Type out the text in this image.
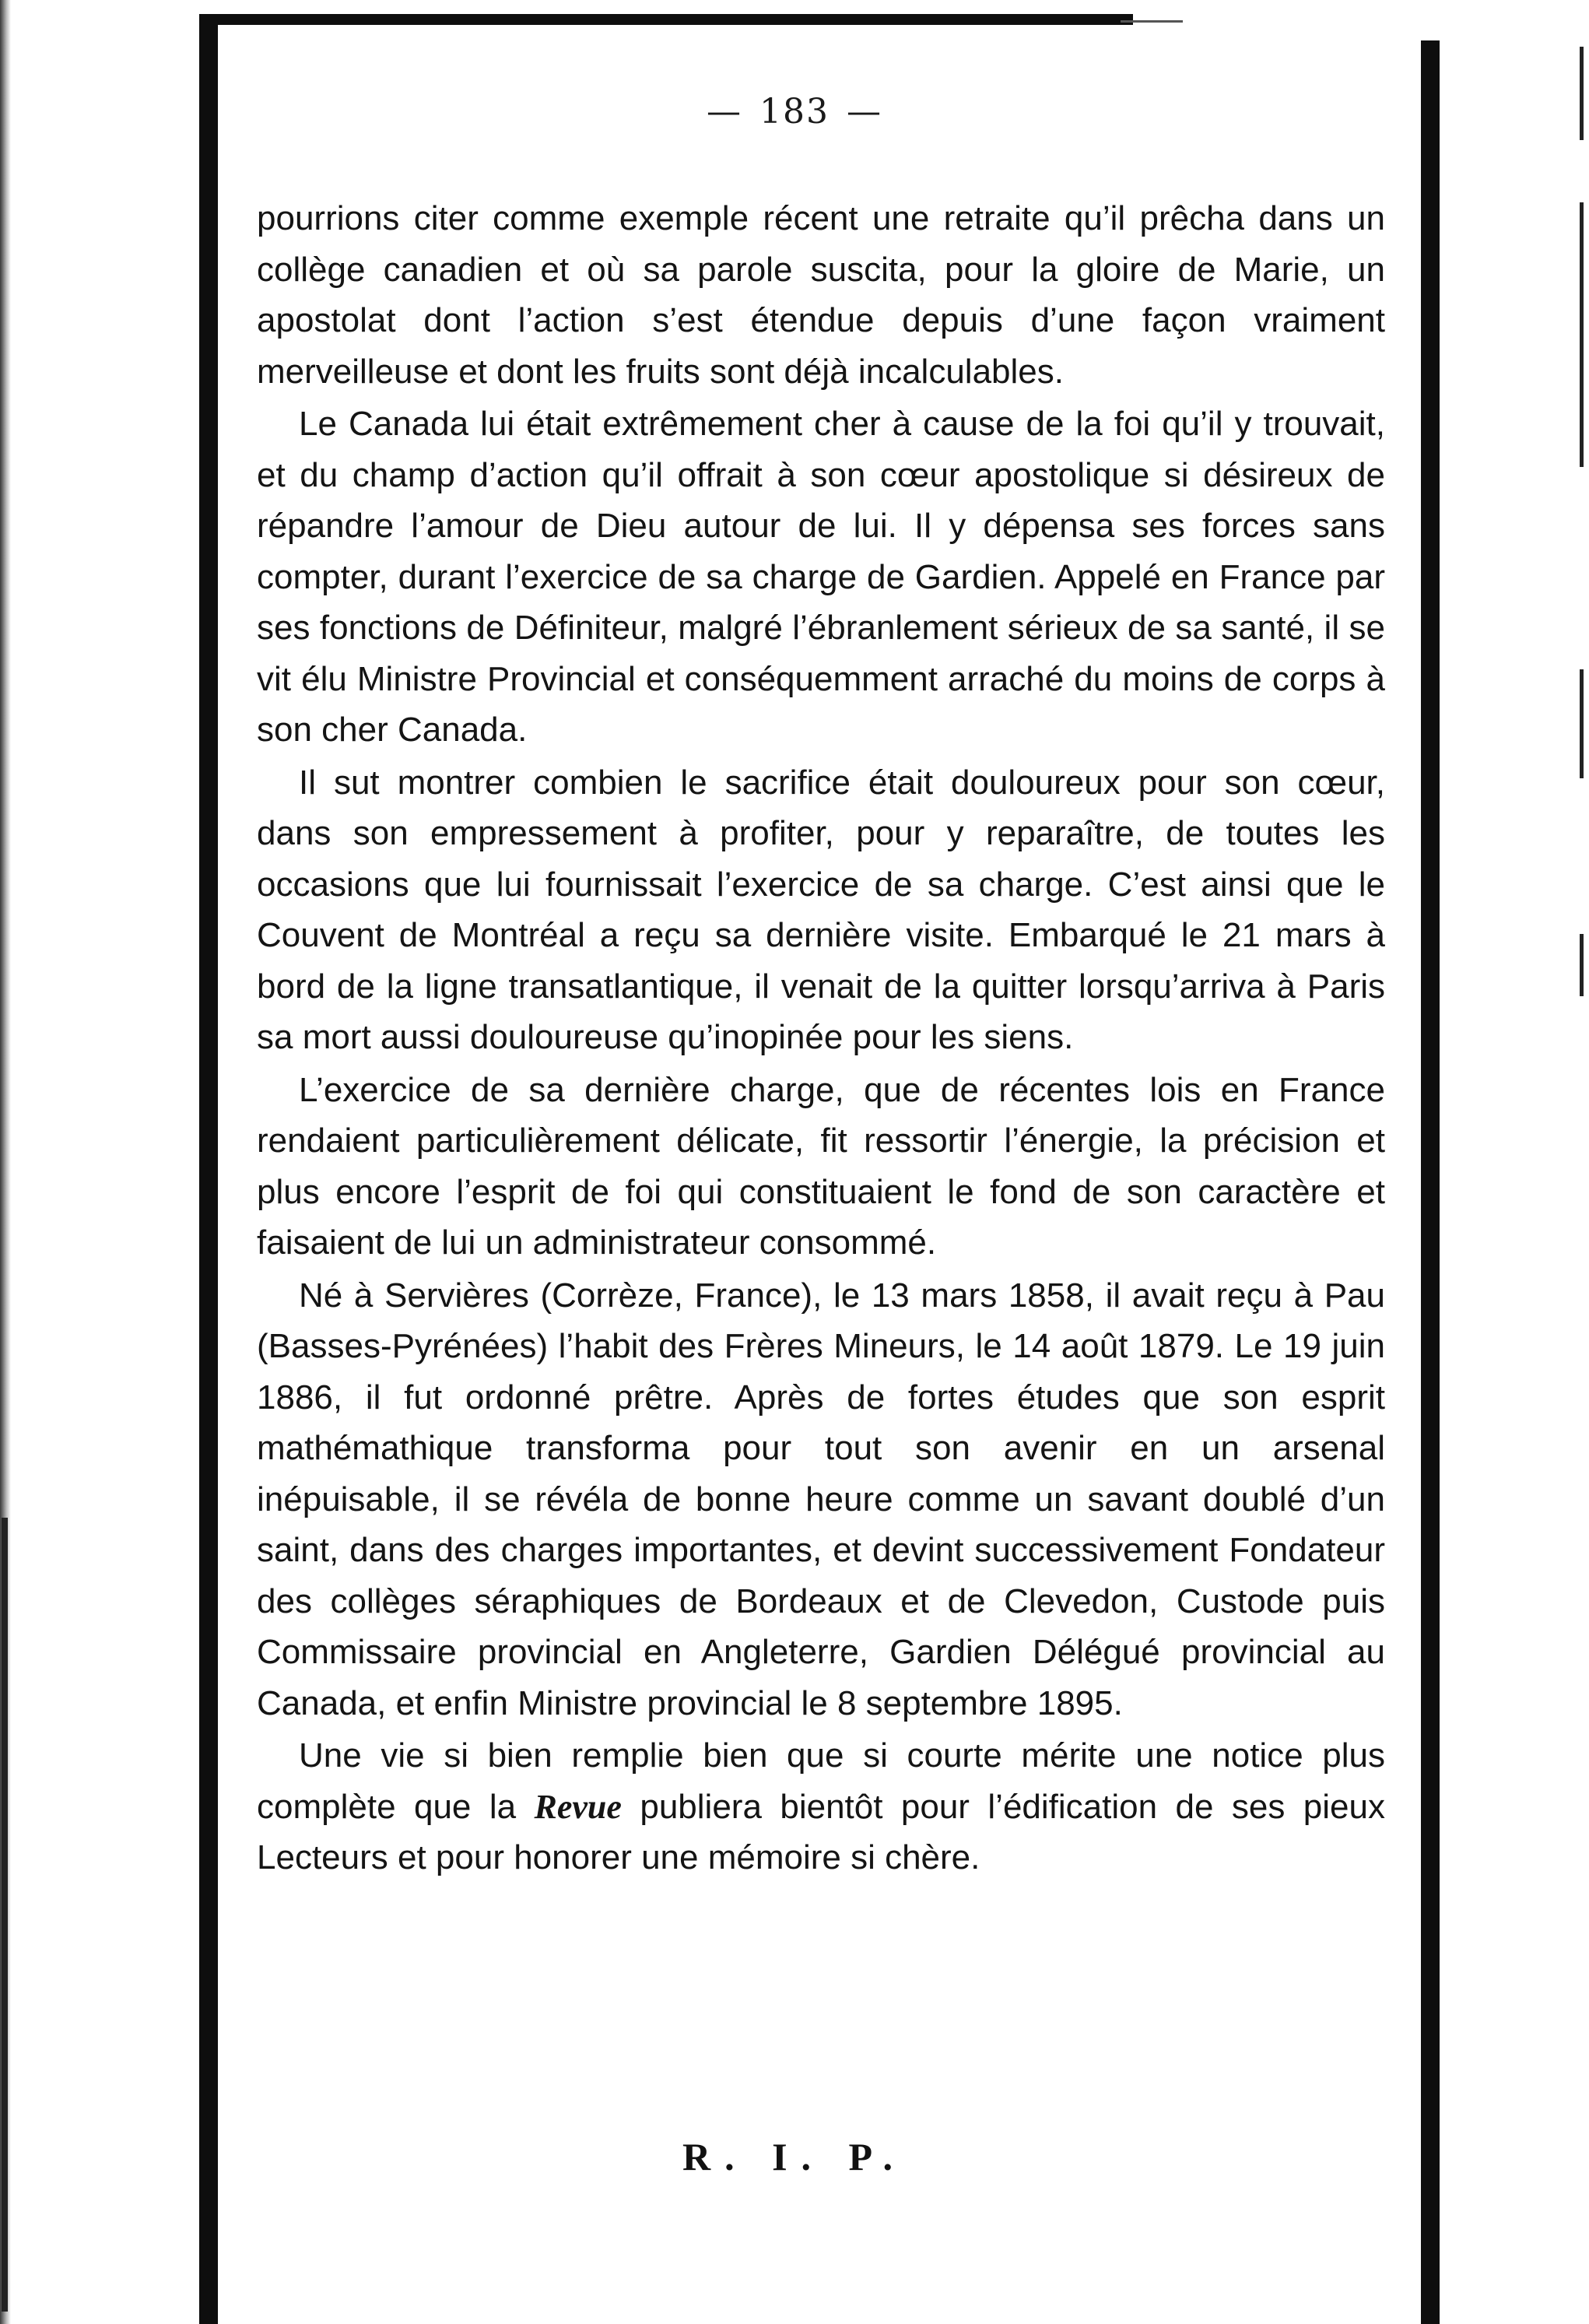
— 183 —

pourrions citer comme exemple récent une retraite qu’il prêcha dans un collège canadien et où sa parole suscita, pour la gloire de Marie, un apostolat dont l’action s’est étendue depuis d’une façon vraiment merveilleuse et dont les fruits sont déjà incalculables.

Le Canada lui était extrêmement cher à cause de la foi qu’il y trouvait, et du champ d’action qu’il offrait à son cœur apostolique si désireux de répandre l’amour de Dieu autour de lui. Il y dépensa ses forces sans compter, durant l’exercice de sa charge de Gardien. Appelé en France par ses fonctions de Définiteur, malgré l’ébranlement sérieux de sa santé, il se vit élu Ministre Provincial et conséquemment arraché du moins de corps à son cher Canada.

Il sut montrer combien le sacrifice était douloureux pour son cœur, dans son empressement à profiter, pour y reparaître, de toutes les occasions que lui fournissait l’exercice de sa charge. C’est ainsi que le Couvent de Montréal a reçu sa dernière visite. Embarqué le 21 mars à bord de la ligne transatlantique, il venait de la quitter lorsqu’arriva à Paris sa mort aussi douloureuse qu’inopinée pour les siens.

L’exercice de sa dernière charge, que de récentes lois en France rendaient particulièrement délicate, fit ressortir l’énergie, la précision et plus encore l’esprit de foi qui constituaient le fond de son caractère et faisaient de lui un administrateur consommé.

Né à Servières (Corrèze, France), le 13 mars 1858, il avait reçu à Pau (Basses-Pyrénées) l’habit des Frères Mineurs, le 14 août 1879. Le 19 juin 1886, il fut ordonné prêtre. Après de fortes études que son esprit mathémathique transforma pour tout son avenir en un arsenal inépuisable, il se révéla de bonne heure comme un savant doublé d’un saint, dans des charges importantes, et devint successivement Fondateur des collèges séraphiques de Bordeaux et de Clevedon, Custode puis Commissaire provincial en Angleterre, Gardien Délégué provincial au Canada, et enfin Ministre provincial le 8 septembre 1895.

Une vie si bien remplie bien que si courte mérite une notice plus complète que la Revue publiera bientôt pour l’édification de ses pieux Lecteurs et pour honorer une mémoire si chère.

R. I. P.
